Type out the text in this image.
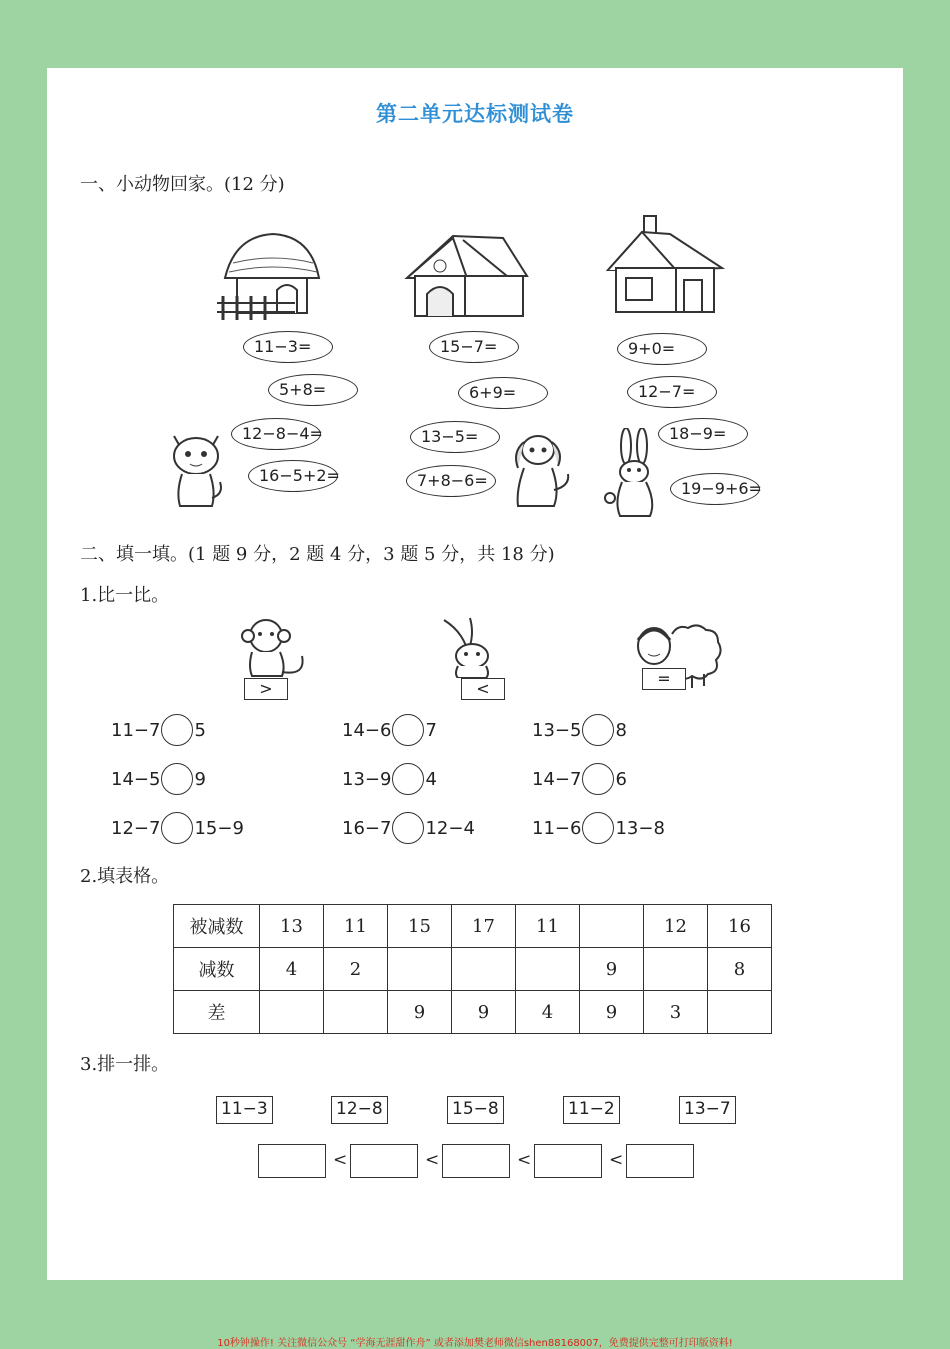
第二单元达标测试卷
一、小动物回家。(12 分)
11−3=
5+8=
12−8−4=
16−5+2=
15−7=
6+9=
13−5=
7+8−6=
9+0=
12−7=
18−9=
19−9+6=
二、填一填。(1 题 9 分，2 题 4 分，3 题 5 分，共 18 分)
1.比一比。
>	<
=
11−7 5	14−6 7	13−5 8
14−5 9	13−9 4	14−7 6
12−7 15−9	16−7 12−4	11−6 13−8
2.填表格。
被减数	13	11	15	17	11		12	16
减数	4	2				9		8
差			9	9	4	9	3	
3.排一排。
11−3	12−8	15−8	11−2	13−7
<	<	<	<
10秒钟操作! 关注微信公众号 “学海无涯甜作舟” 或者添加樊老师微信shen88168007，免费提供完整可打印版资料!
